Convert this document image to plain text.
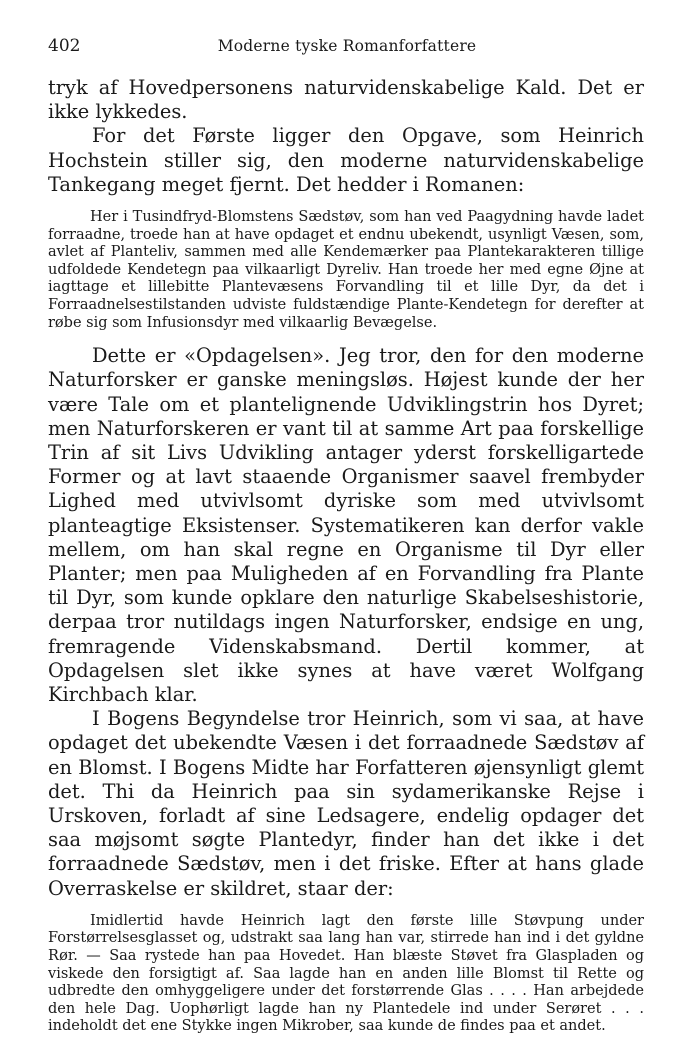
402	Moderne tyske Romanforfattere

tryk af Hovedpersonens naturvidenskabelige Kald. Det er ikke lykkedes.

For det Første ligger den Opgave, som Heinrich Hochstein stiller sig, den moderne naturvidenskabelige Tankegang meget fjernt. Det hedder i Romanen:

Her i Tusindfryd-Blomstens Sædstøv, som han ved Paagydning havde ladet forraadne, troede han at have opdaget et endnu ubekendt, usynligt Væsen, som, avlet af Planteliv, sammen med alle Kendemærker paa Plantekarakteren tillige udfoldede Kendetegn paa vilkaarligt Dyreliv. Han troede her med egne Øjne at iagttage et lillebitte Plantevæsens Forvandling til et lille Dyr, da det i Forraadnelsestilstanden udviste fuldstændige Plante-Kendetegn for derefter at røbe sig som Infusionsdyr med vilkaarlig Bevægelse.

Dette er «Opdagelsen». Jeg tror, den for den moderne Naturforsker er ganske meningsløs. Højest kunde der her være Tale om et plantelignende Udviklingstrin hos Dyret; men Naturforskeren er vant til at samme Art paa forskellige Trin af sit Livs Udvikling antager yderst forskelligartede Former og at lavt staaende Organismer saavel frembyder Lighed med utvivlsomt dyriske som med utvivlsomt planteagtige Eksistenser. Systematikeren kan derfor vakle mellem, om han skal regne en Organisme til Dyr eller Planter; men paa Muligheden af en Forvandling fra Plante til Dyr, som kunde opklare den naturlige Skabelseshistorie, derpaa tror nutildags ingen Naturforsker, endsige en ung, fremragende Videnskabsmand. Dertil kommer, at Opdagelsen slet ikke synes at have været Wolfgang Kirchbach klar.

I Bogens Begyndelse tror Heinrich, som vi saa, at have opdaget det ubekendte Væsen i det forraadnede Sædstøv af en Blomst. I Bogens Midte har Forfatteren øjensynligt glemt det. Thi da Heinrich paa sin sydamerikanske Rejse i Urskoven, forladt af sine Ledsagere, endelig opdager det saa møjsomt søgte Plantedyr, finder han det ikke i det forraadnede Sædstøv, men i det friske. Efter at hans glade Overraskelse er skildret, staar der:

Imidlertid havde Heinrich lagt den første lille Støvpung under Forstørrelsesglasset og, udstrakt saa lang han var, stirrede han ind i det gyldne Rør. — Saa rystede han paa Hovedet. Han blæste Støvet fra Glaspladen og viskede den forsigtigt af. Saa lagde han en anden lille Blomst til Rette og udbredte den omhyggeligere under det forstørrende Glas . . . . Han arbejdede den hele Dag. Uophørligt lagde han ny Plantedele ind under Serøret . . . indeholdt det ene Stykke ingen Mikrober, saa kunde de findes paa et andet.
